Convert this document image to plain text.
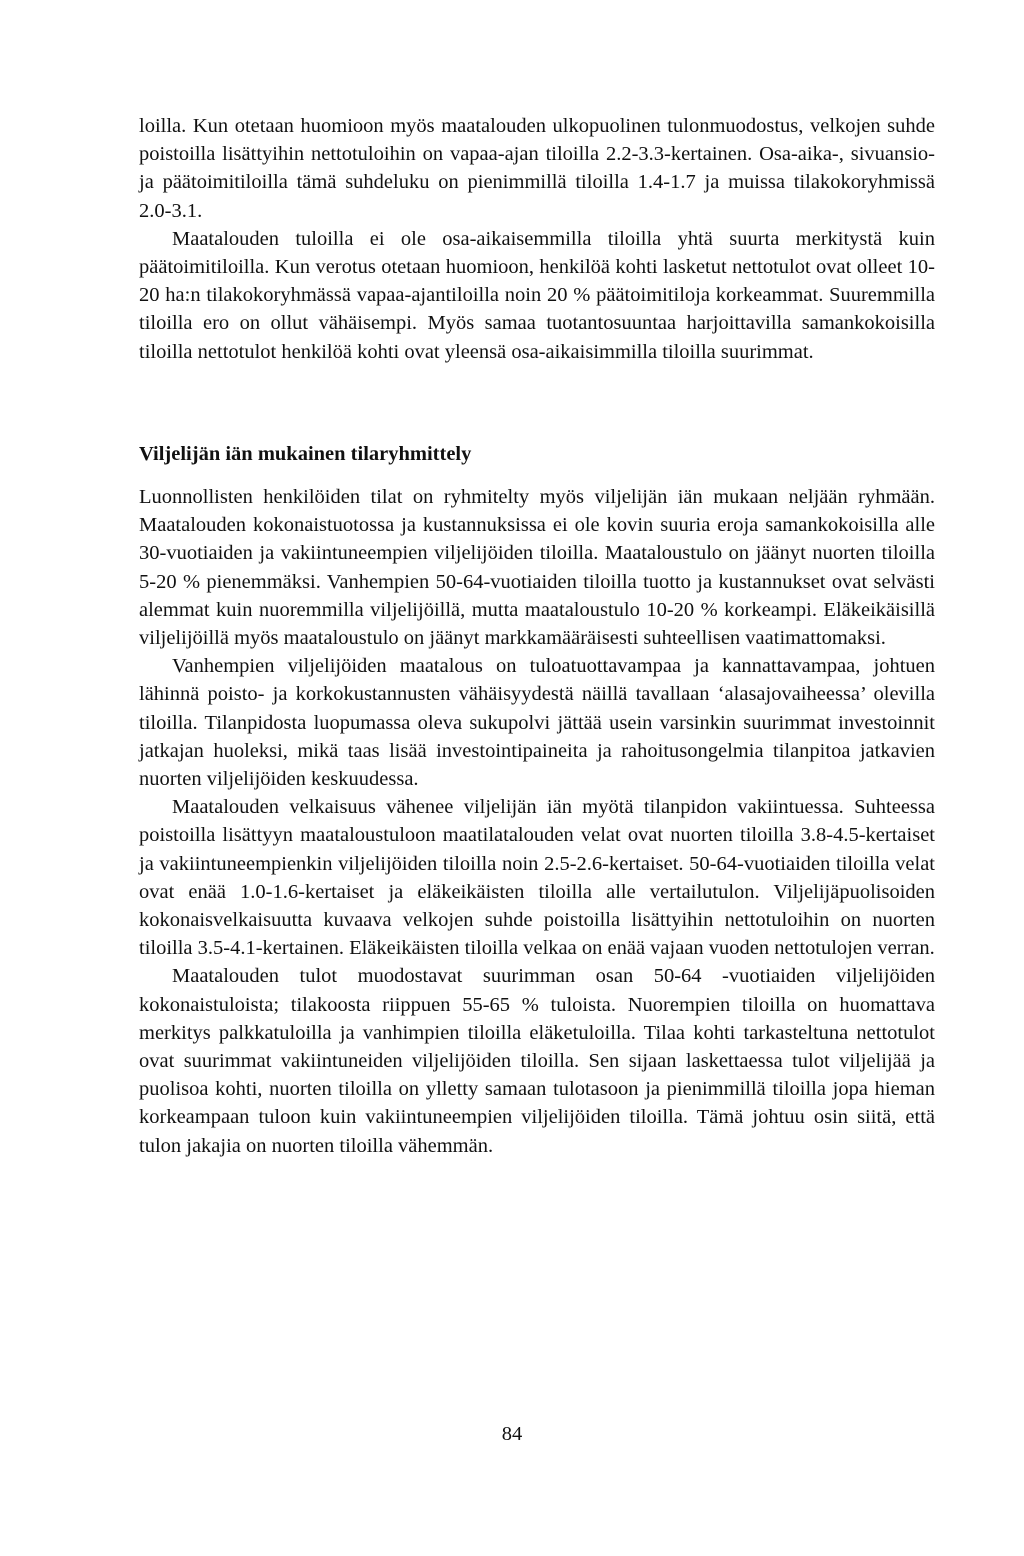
loilla. Kun otetaan huomioon myös maatalouden ulkopuolinen tulonmuodostus, velkojen suhde poistoilla lisättyihin nettotuloihin on vapaa-ajan tiloilla 2.2-3.3-kertainen. Osa-aika-, sivuansio- ja päätoimitiloilla tämä suhdeluku on pienimmillä tiloilla 1.4-1.7 ja muissa tilakokoryhmissä 2.0-3.1.

Maatalouden tuloilla ei ole osa-aikaisemmilla tiloilla yhtä suurta merkitystä kuin päätoimitiloilla. Kun verotus otetaan huomioon, henkilöä kohti lasketut nettotulot ovat olleet 10-20 ha:n tilakokoryhmässä vapaa-ajantiloilla noin 20 % päätoimitiloja korkeammat. Suuremmilla tiloilla ero on ollut vähäisempi. Myös samaa tuotantosuuntaa harjoittavilla samankokoisilla tiloilla nettotulot henkilöä kohti ovat yleensä osa-aikaisimmilla tiloilla suurimmat.

Viljelijän iän mukainen tilaryhmittely

Luonnollisten henkilöiden tilat on ryhmitelty myös viljelijän iän mukaan neljään ryhmään. Maatalouden kokonaistuotossa ja kustannuksissa ei ole kovin suuria eroja samankokoisilla alle 30-vuotiaiden ja vakiintuneempien viljelijöiden tiloilla. Maataloustulo on jäänyt nuorten tiloilla 5-20 % pienemmäksi. Vanhempien 50-64-vuotiaiden tiloilla tuotto ja kustannukset ovat selvästi alemmat kuin nuoremmilla viljelijöillä, mutta maataloustulo 10-20 % korkeampi. Eläkeikäisillä viljelijöillä myös maataloustulo on jäänyt markkamääräisesti suhteellisen vaatimattomaksi.

Vanhempien viljelijöiden maatalous on tuloatuottavampaa ja kannattavampaa, johtuen lähinnä poisto- ja korkokustannusten vähäisyydestä näillä tavallaan ‘alasajovaiheessa’ olevilla tiloilla. Tilanpidosta luopumassa oleva sukupolvi jättää usein varsinkin suurimmat investoinnit jatkajan huoleksi, mikä taas lisää investointipaineita ja rahoitusongelmia tilanpitoa jatkavien nuorten viljelijöiden keskuudessa.

Maatalouden velkaisuus vähenee viljelijän iän myötä tilanpidon vakiintuessa. Suhteessa poistoilla lisättyyn maataloustuloon maatilatalouden velat ovat nuorten tiloilla 3.8-4.5-kertaiset ja vakiintuneempienkin viljelijöiden tiloilla noin 2.5-2.6-kertaiset. 50-64-vuotiaiden tiloilla velat ovat enää 1.0-1.6-kertaiset ja eläkeikäisten tiloilla alle vertailutulon. Viljelijäpuolisoiden kokonaisvelkaisuutta kuvaava velkojen suhde poistoilla lisättyihin nettotuloihin on nuorten tiloilla 3.5-4.1-kertainen. Eläkeikäisten tiloilla velkaa on enää vajaan vuoden nettotulojen verran.

Maatalouden tulot muodostavat suurimman osan 50-64 -vuotiaiden viljelijöiden kokonaistuloista; tilakoosta riippuen 55-65 % tuloista. Nuorempien tiloilla on huomattava merkitys palkkatuloilla ja vanhimpien tiloilla eläketuloilla. Tilaa kohti tarkasteltuna nettotulot ovat suurimmat vakiintuneiden viljelijöiden tiloilla. Sen sijaan laskettaessa tulot viljelijää ja puolisoa kohti, nuorten tiloilla on ylletty samaan tulotasoon ja pienimmillä tiloilla jopa hieman korkeampaan tuloon kuin vakiintuneempien viljelijöiden tiloilla. Tämä johtuu osin siitä, että tulon jakajia on nuorten tiloilla vähemmän.

84
